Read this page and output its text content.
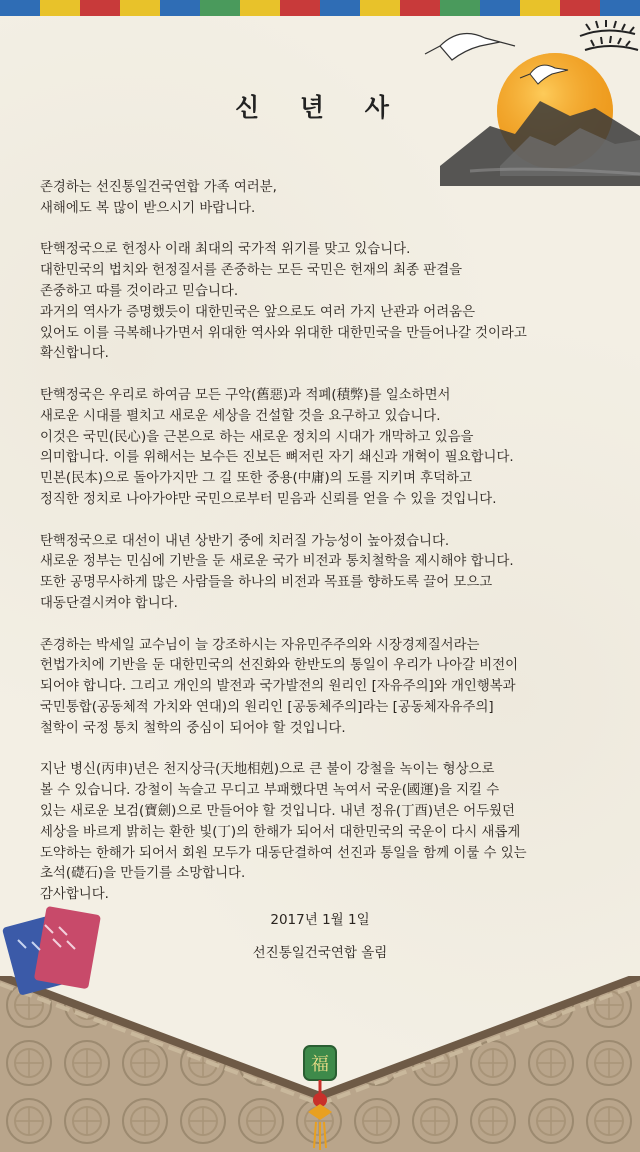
신 년 사

존경하는 선진통일건국연합 가족 여러분,

새해에도 복 많이 받으시기 바랍니다.

탄핵정국으로 헌정사 이래 최대의 국가적 위기를 맞고 있습니다.

대한민국의 법치와 헌정질서를 존중하는 모든 국민은 헌재의 최종 판결을

존중하고 따를 것이라고 믿습니다.

과거의 역사가 증명했듯이 대한민국은 앞으로도 여러 가지 난관과 어려움은

있어도 이를 극복해나가면서 위대한 역사와 위대한 대한민국을 만들어나갈 것이라고

확신합니다.

탄핵정국은 우리로 하여금 모든 구악(舊惡)과 적폐(積弊)를 일소하면서

새로운 시대를 펼치고 새로운 세상을 건설할 것을 요구하고 있습니다.

이것은 국민(民心)을 근본으로 하는 새로운 정치의 시대가 개막하고 있음을

의미합니다. 이를 위해서는 보수든 진보든 뼈저린 자기 쇄신과 개혁이 필요합니다.

민본(民本)으로 돌아가지만 그 길 또한 중용(中庸)의 도를 지키며 후덕하고

정직한 정치로 나아가야만 국민으로부터 믿음과 신뢰를 얻을 수 있을 것입니다.

탄핵정국으로 대선이 내년 상반기 중에 치러질 가능성이 높아졌습니다.

새로운 정부는 민심에 기반을 둔 새로운 국가 비전과 통치철학을 제시해야 합니다.

또한 공명무사하게 많은 사람들을 하나의 비전과 목표를 향하도록 끌어 모으고

대동단결시켜야 합니다.

존경하는 박세일 교수님이 늘 강조하시는 자유민주주의와 시장경제질서라는

헌법가치에 기반을 둔 대한민국의 선진화와 한반도의 통일이 우리가 나아갈 비전이

되어야 합니다. 그리고 개인의 발전과 국가발전의 원리인 [자유주의]와 개인행복과

국민통합(공동체적 가치와 연대)의 원리인 [공동체주의]라는 [공동체자유주의]

철학이 국정 통치 철학의 중심이 되어야 할 것입니다.

지난 병신(丙申)년은 천지상극(天地相剋)으로 큰 불이 강철을 녹이는 형상으로

볼 수 있습니다. 강철이 녹슬고 무디고 부패했다면 녹여서 국운(國運)을 지킬 수

있는 새로운 보검(寶劍)으로 만들어야 할 것입니다. 내년 정유(丁酉)년은 어두웠던

세상을 바르게 밝히는 환한 빛(丁)의 한해가 되어서 대한민국의 국운이 다시 새롭게

도약하는 한해가 되어서 회원 모두가 대동단결하여 선진과 통일을 함께 이룰 수 있는

초석(礎石)을 만들기를 소망합니다.

감사합니다.

2017년 1월 1일
선진통일건국연합 올림
福
